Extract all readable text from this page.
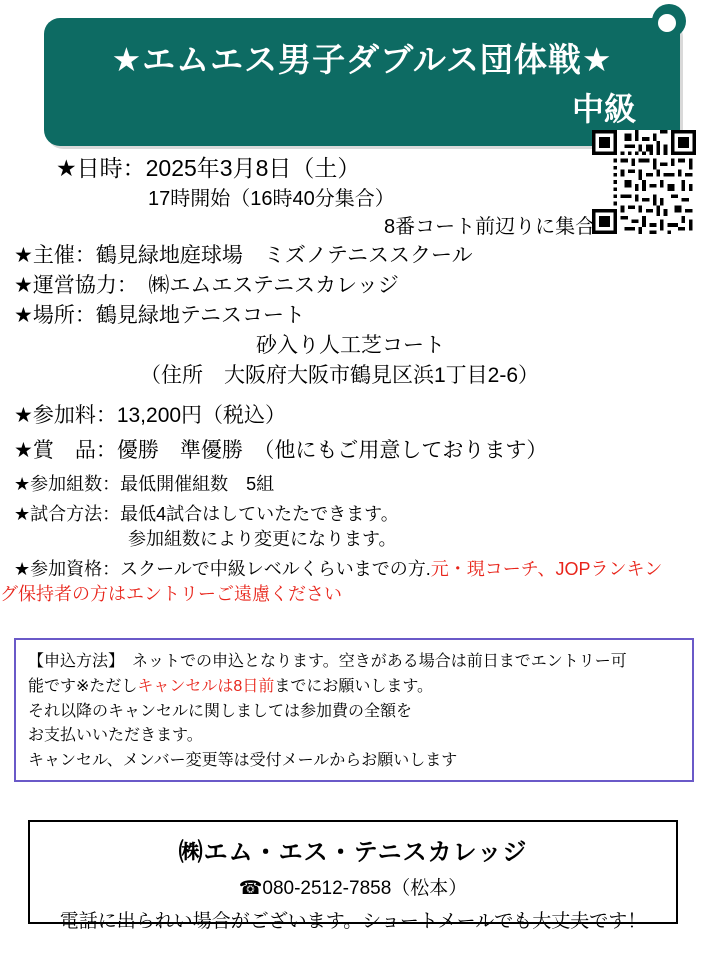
★エムエス男子ダブルス団体戦★
中級
★日時：2025年3月8日（土）
17時開始（16時40分集合）
8番コート前辺りに集合
★主催：鶴見緑地庭球場　ミズノテニススクール
★運営協力：　㈱エムエステニスカレッジ
★場所：鶴見緑地テニスコート
砂入り人工芝コート
（住所　大阪府大阪市鶴見区浜1丁目2-6）
★参加料：13,200円（税込）
★賞　品：優勝　準優勝　（他にもご用意しております）
★参加組数：最低開催組数　5組
★試合方法：最低4試合はしていたたできます。
参加組数により変更になります。
★参加資格：スクールで中級レベルくらいまでの方.元・現コーチ、JOPランキン
グ保持者の方はエントリーご遠慮ください
【申込方法】　ネットでの申込となります。空きがある場合は前日までエントリー可
能です※ただしキャンセルは8日前までにお願いします。
それ以降のキャンセルに関しましては参加費の全額を
お支払いいただきます。
キャンセル、メンバー変更等は受付メールからお願いします
㈱エム・エス・テニスカレッジ
☎080-2512-7858（松本）
電話に出られい場合がございます。ショートメールでも大丈夫です！
